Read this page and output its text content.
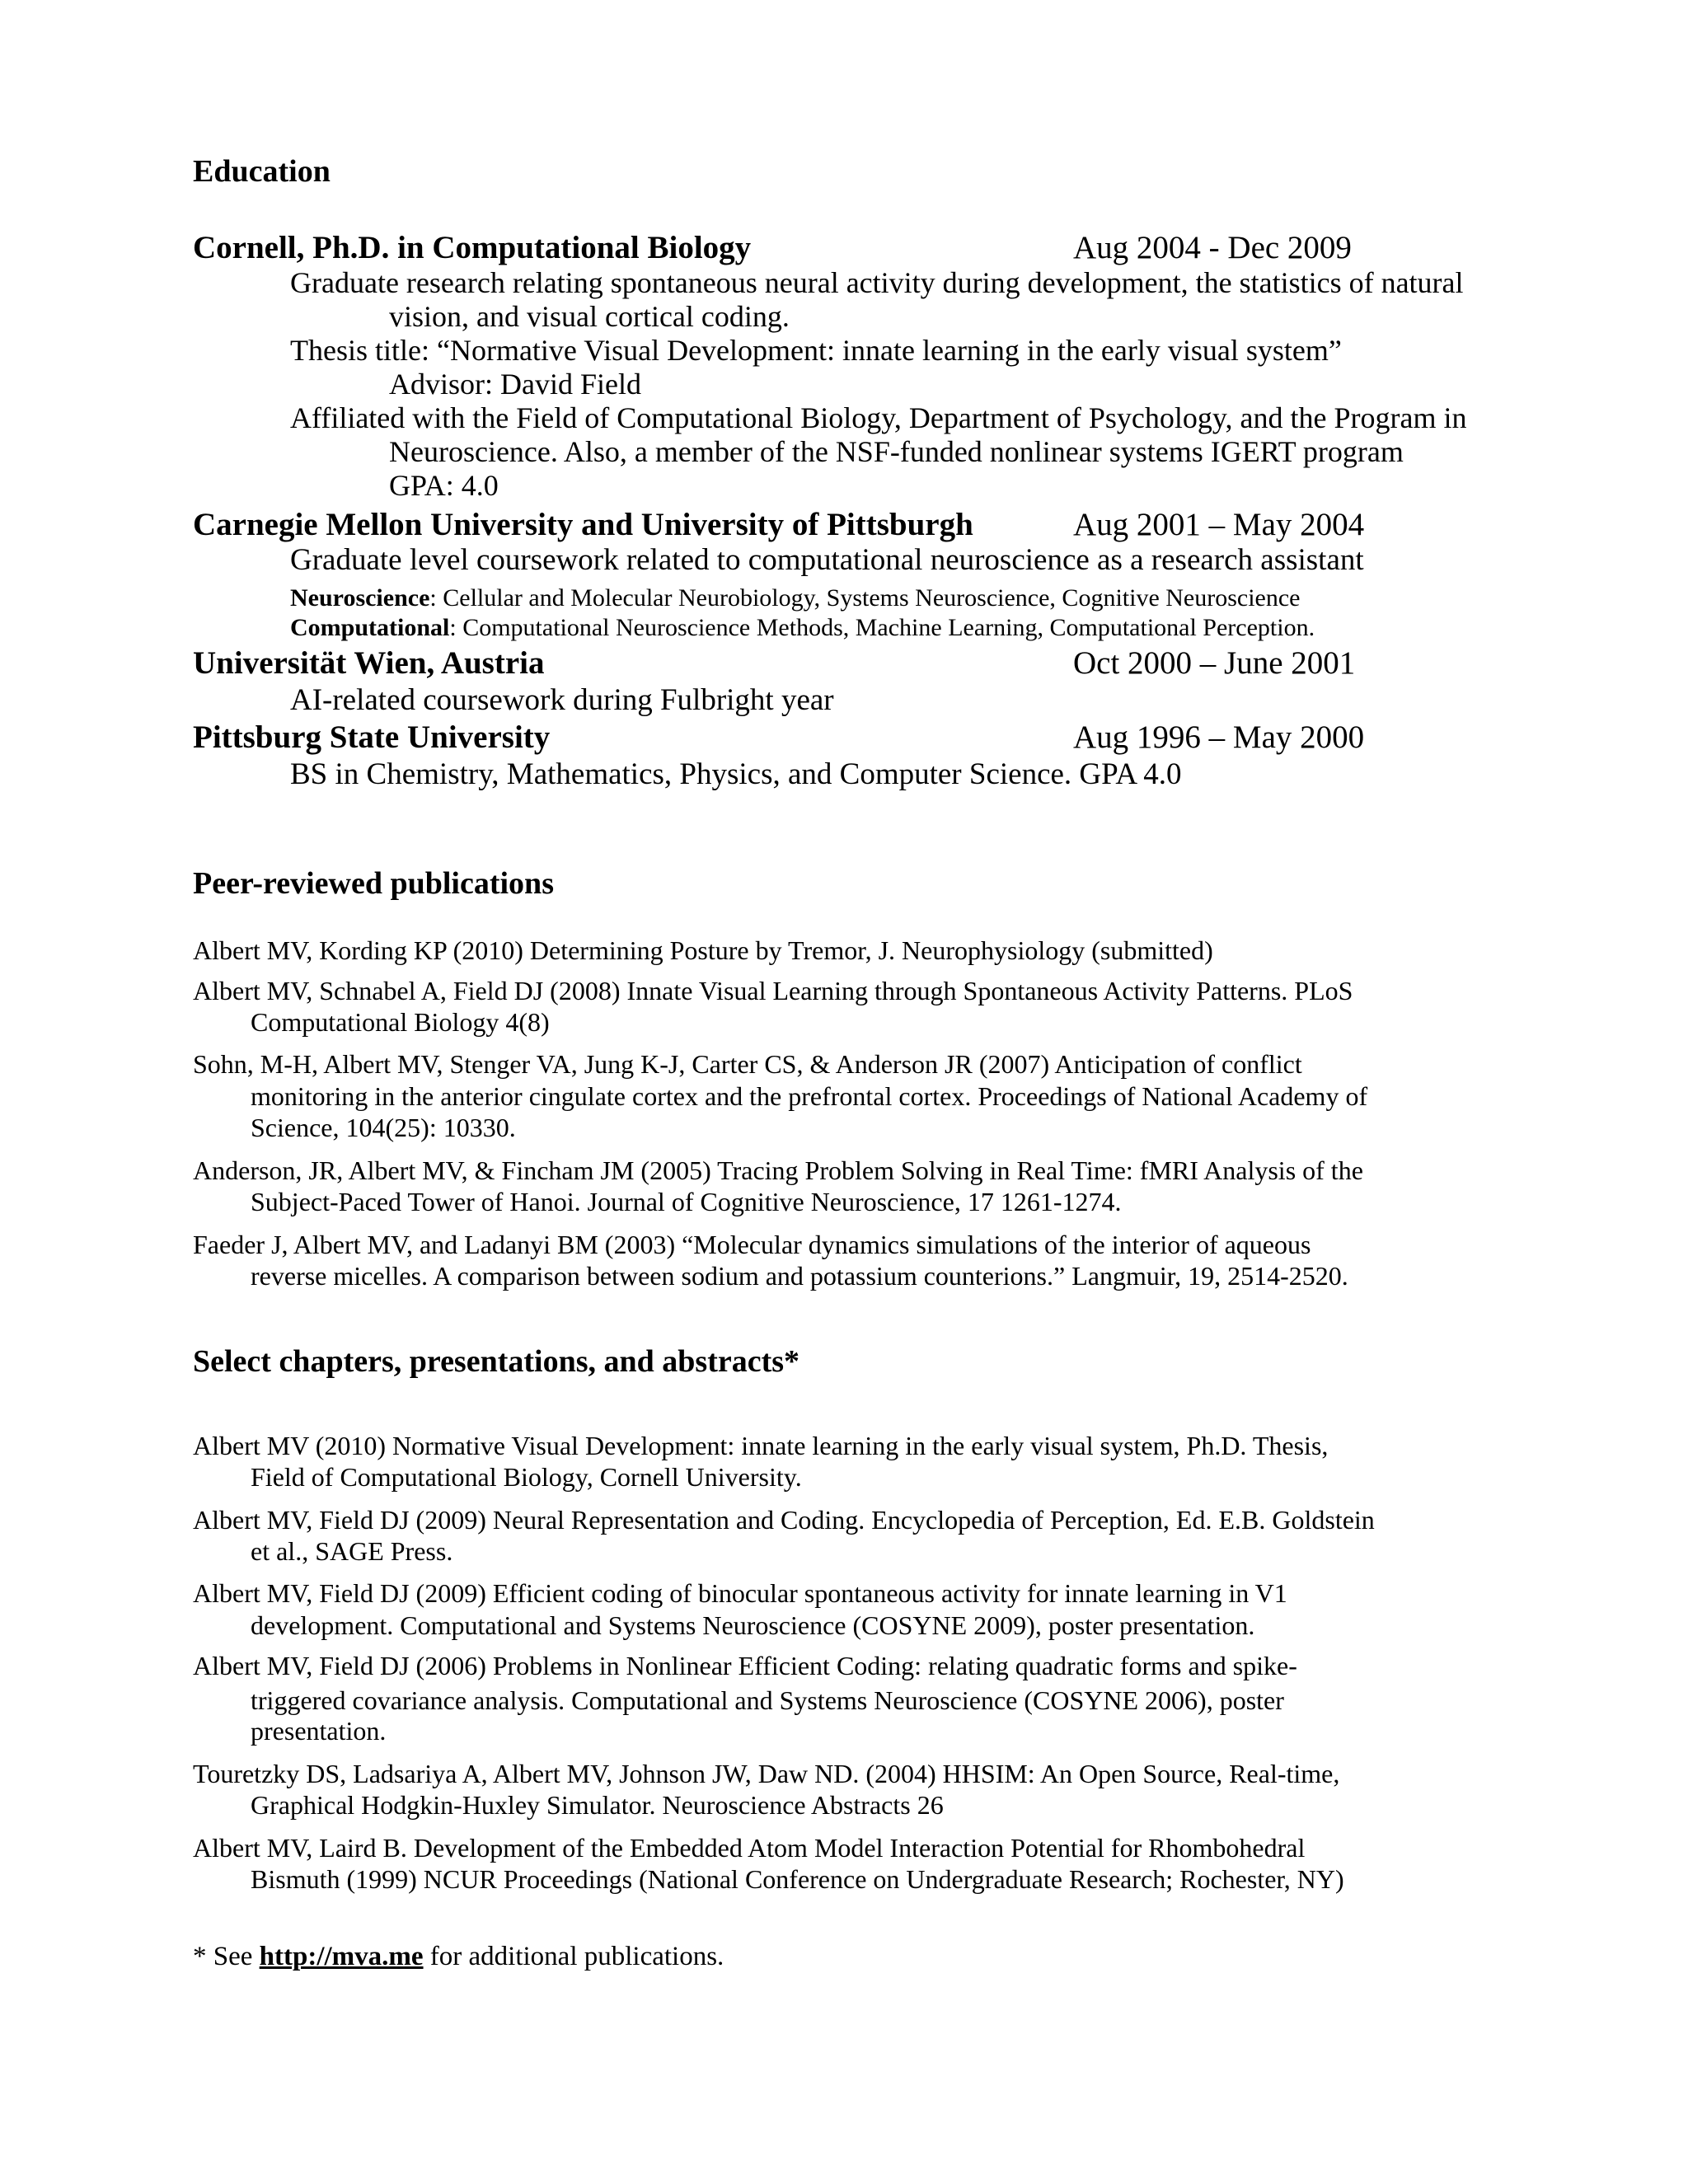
Education
Cornell, Ph.D. in Computational Biology	Aug 2004 - Dec 2009
Graduate research relating spontaneous neural activity during development, the statistics of natural
vision, and visual cortical coding.
Thesis title: “Normative Visual Development: innate learning in the early visual system”
Advisor: David Field
Affiliated with the Field of Computational Biology, Department of Psychology, and the Program in
Neuroscience. Also, a member of the NSF-funded nonlinear systems IGERT program
GPA: 4.0
Carnegie Mellon University and University of Pittsburgh	Aug 2001 – May 2004
Graduate level coursework related to computational neuroscience as a research assistant
Neuroscience: Cellular and Molecular Neurobiology, Systems Neuroscience, Cognitive Neuroscience
Computational: Computational Neuroscience Methods, Machine Learning, Computational Perception.
Universität Wien, Austria	Oct 2000 – June 2001
AI-related coursework during Fulbright year
Pittsburg State University	Aug 1996 – May 2000
BS in Chemistry, Mathematics, Physics, and Computer Science. GPA 4.0
Peer-reviewed publications
Albert MV, Kording KP (2010) Determining Posture by Tremor, J. Neurophysiology (submitted)
Albert MV, Schnabel A, Field DJ (2008) Innate Visual Learning through Spontaneous Activity Patterns. PLoS
Computational Biology 4(8)
Sohn, M-H, Albert MV, Stenger VA, Jung K-J, Carter CS, & Anderson JR (2007) Anticipation of conflict
monitoring in the anterior cingulate cortex and the prefrontal cortex. Proceedings of National Academy of
Science, 104(25): 10330.
Anderson, JR, Albert MV, & Fincham JM (2005) Tracing Problem Solving in Real Time: fMRI Analysis of the
Subject-Paced Tower of Hanoi. Journal of Cognitive Neuroscience, 17 1261-1274.
Faeder J, Albert MV, and Ladanyi BM (2003) “Molecular dynamics simulations of the interior of aqueous
reverse micelles. A comparison between sodium and potassium counterions.” Langmuir, 19, 2514-2520.
Select chapters, presentations, and abstracts*
Albert MV (2010) Normative Visual Development: innate learning in the early visual system, Ph.D. Thesis,
Field of Computational Biology, Cornell University.
Albert MV, Field DJ (2009) Neural Representation and Coding. Encyclopedia of Perception, Ed. E.B. Goldstein
et al., SAGE Press.
Albert MV, Field DJ (2009) Efficient coding of binocular spontaneous activity for innate learning in V1
development. Computational and Systems Neuroscience (COSYNE 2009), poster presentation.
Albert MV, Field DJ (2006) Problems in Nonlinear Efficient Coding: relating quadratic forms and spike-
triggered covariance analysis. Computational and Systems Neuroscience (COSYNE 2006), poster
presentation.
Touretzky DS, Ladsariya A, Albert MV, Johnson JW, Daw ND. (2004) HHSIM: An Open Source, Real-time,
Graphical Hodgkin-Huxley Simulator. Neuroscience Abstracts 26
Albert MV, Laird B. Development of the Embedded Atom Model Interaction Potential for Rhombohedral
Bismuth (1999) NCUR Proceedings (National Conference on Undergraduate Research; Rochester, NY)
* See http://mva.me for additional publications.
